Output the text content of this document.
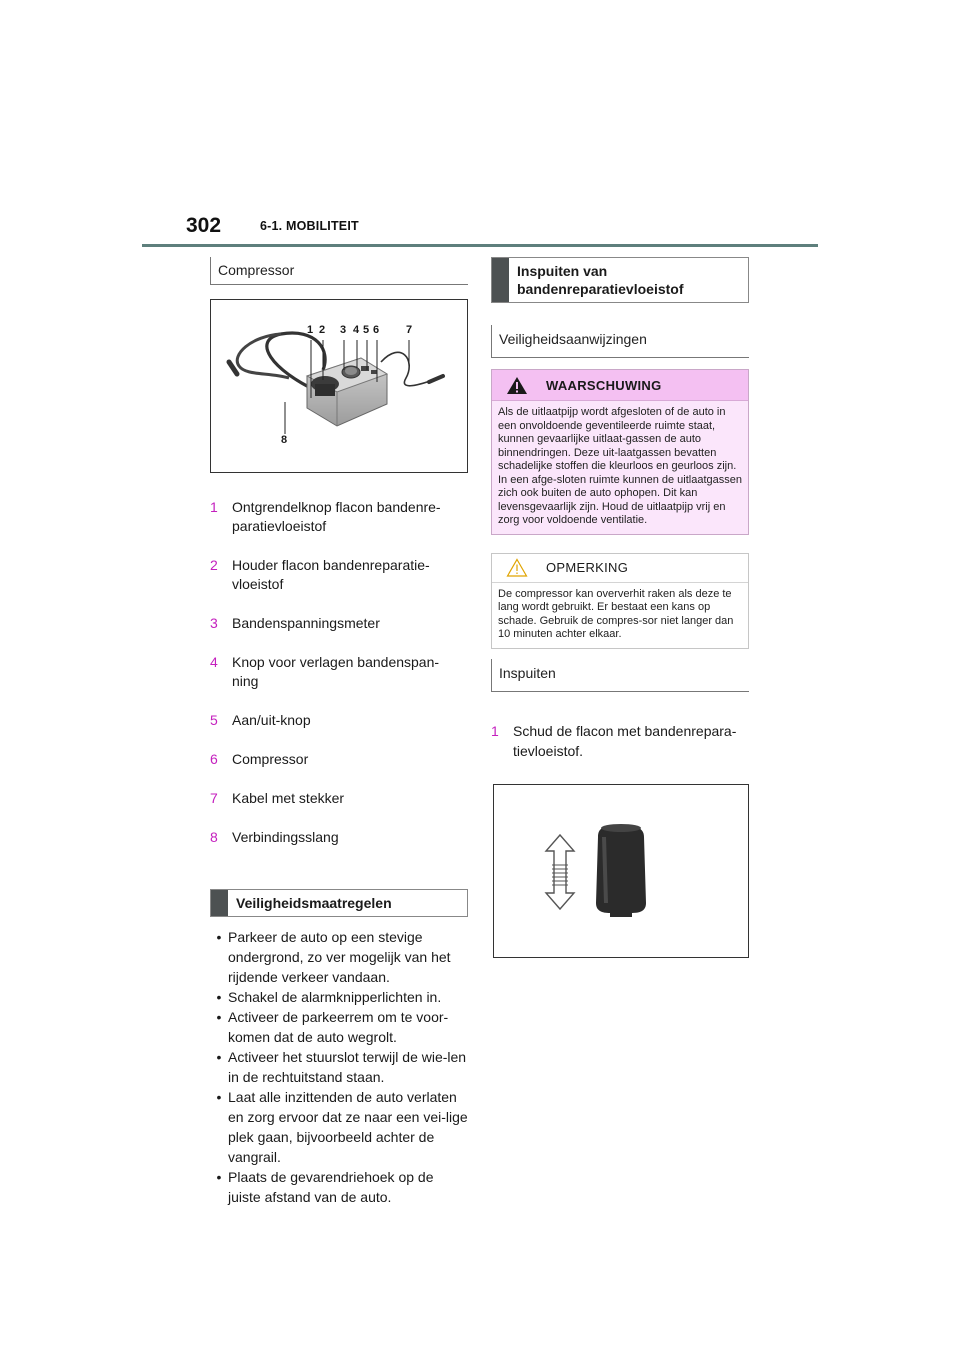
302	6-1. MOBILITEIT
Compressor
1 2 3 4 5 6 7
8

1	Ontgrendelknop flacon bandenre-
paratievloeistof

2	Houder flacon bandenreparatie-
vloeistof

3	Bandenspanningsmeter

4	Knop voor verlagen bandenspan-
ning

5	Aan/uit-knop

6	Compressor

7	Kabel met stekker

8	Verbindingsslang

Veiligheidsmaatregelen
• Parkeer de auto op een stevige ondergrond, zo ver mogelijk van het rijdende verkeer vandaan.
• Schakel de alarmknipperlichten in.
• Activeer de parkeerrem om te voor-komen dat de auto wegrolt.
• Activeer het stuurslot terwijl de wie-len in de rechtuitstand staan.
• Laat alle inzittenden de auto verlaten en zorg ervoor dat ze naar een vei-lige plek gaan, bijvoorbeeld achter de vangrail.
• Plaats de gevarendriehoek op de juiste afstand van de auto.
Inspuiten van bandenreparatievloeistof
Veiligheidsaanwijzingen
WAARSCHUWING
Als de uitlaatpijp wordt afgesloten of de auto in een onvoldoende geventileerde ruimte staat, kunnen gevaarlijke uitlaat-gassen de auto binnendringen. Deze uit-laatgassen bevatten schadelijke stoffen die kleurloos en geurloos zijn. In een afge-sloten ruimte kunnen de uitlaatgassen zich ook buiten de auto ophopen. Dit kan levensgevaarlijk zijn. Houd de uitlaatpijp vrij en zorg voor voldoende ventilatie.
OPMERKING
De compressor kan oververhit raken als deze te lang wordt gebruikt. Er bestaat een kans op schade. Gebruik de compres-sor niet langer dan 10 minuten achter elkaar.
Inspuiten

1	Schud de flacon met bandenrepara-
tievloeistof.
